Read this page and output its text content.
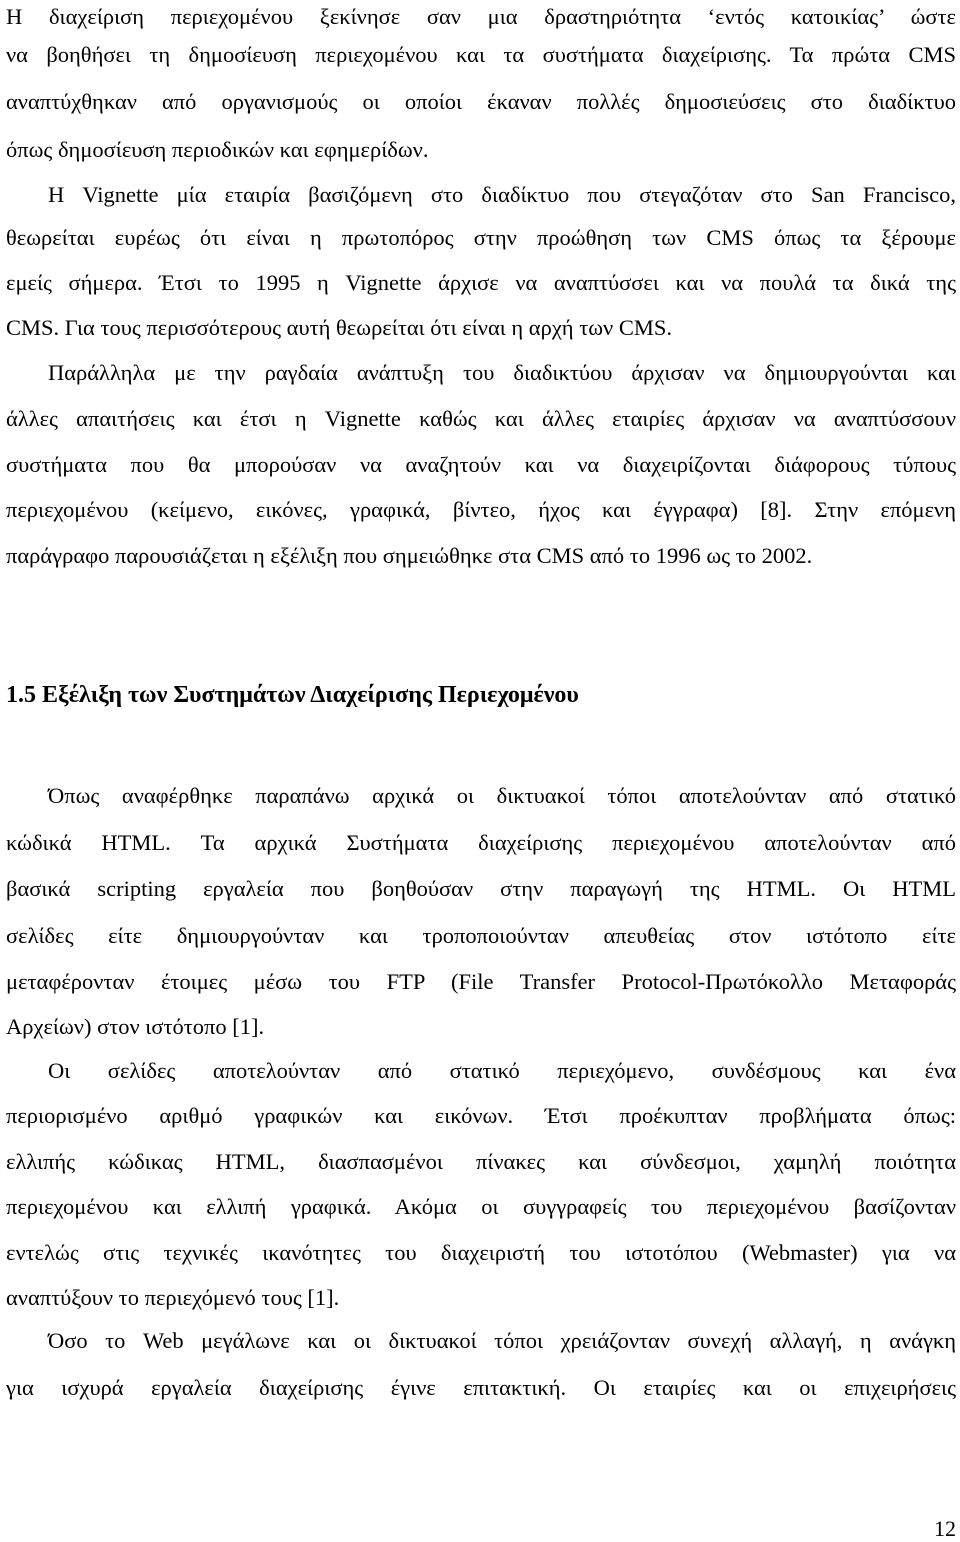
Η διαχείριση περιεχομένου ξεκίνησε σαν μια δραστηριότητα ‘εντός κατοικίας’ ώστε
να βοηθήσει τη δημοσίευση περιεχομένου και τα συστήματα διαχείρισης. Τα πρώτα CMS
αναπτύχθηκαν από οργανισμούς οι οποίοι έκαναν πολλές δημοσιεύσεις στο διαδίκτυο
όπως δημοσίευση περιοδικών και εφημερίδων.
Η Vignette μία εταιρία βασιζόμενη στο διαδίκτυο που στεγαζόταν στο San Francisco,
θεωρείται ευρέως ότι είναι η πρωτοπόρος στην προώθηση των CMS όπως τα ξέρουμε
εμείς σήμερα. Έτσι το 1995 η Vignette άρχισε να αναπτύσσει και να πουλά τα δικά της
CMS. Για τους περισσότερους αυτή θεωρείται ότι είναι η αρχή των CMS.
Παράλληλα με την ραγδαία ανάπτυξη του διαδικτύου άρχισαν να δημιουργούνται και
άλλες απαιτήσεις και έτσι η Vignette καθώς και άλλες εταιρίες άρχισαν να αναπτύσσουν
συστήματα που θα μπορούσαν να αναζητούν και να διαχειρίζονται διάφορους τύπους
περιεχομένου (κείμενο, εικόνες, γραφικά, βίντεο, ήχος και έγγραφα) [8]. Στην επόμενη
παράγραφο παρουσιάζεται η εξέλιξη που σημειώθηκε στα CMS από το 1996 ως το 2002.
1.5 Εξέλιξη των Συστημάτων Διαχείρισης Περιεχομένου
Όπως αναφέρθηκε παραπάνω αρχικά οι δικτυακοί τόποι αποτελούνταν από στατικό
κώδικά HTML. Τα αρχικά Συστήματα διαχείρισης περιεχομένου αποτελούνταν από
βασικά scripting εργαλεία που βοηθούσαν στην παραγωγή της HTML. Οι HTML
σελίδες είτε δημιουργούνταν και τροποποιούνταν απευθείας στον ιστότοπο είτε
μεταφέρονταν έτοιμες μέσω του FTP (File Transfer Protocol-Πρωτόκολλο Μεταφοράς
Αρχείων) στον ιστότοπο [1].
Οι σελίδες αποτελούνταν από στατικό περιεχόμενο, συνδέσμους και ένα
περιορισμένο αριθμό γραφικών και εικόνων. Έτσι προέκυπταν προβλήματα όπως:
ελλιπής κώδικας HTML, διασπασμένοι πίνακες και σύνδεσμοι, χαμηλή ποιότητα
περιεχομένου και ελλιπή γραφικά. Ακόμα οι συγγραφείς του περιεχομένου βασίζονταν
εντελώς στις τεχνικές ικανότητες του διαχειριστή του ιστοτόπου (Webmaster) για να
αναπτύξουν το περιεχόμενό τους [1].
Όσο το Web μεγάλωνε και οι δικτυακοί τόποι χρειάζονταν συνεχή αλλαγή, η ανάγκη
για ισχυρά εργαλεία διαχείρισης έγινε επιτακτική. Οι εταιρίες και οι επιχειρήσεις
12
